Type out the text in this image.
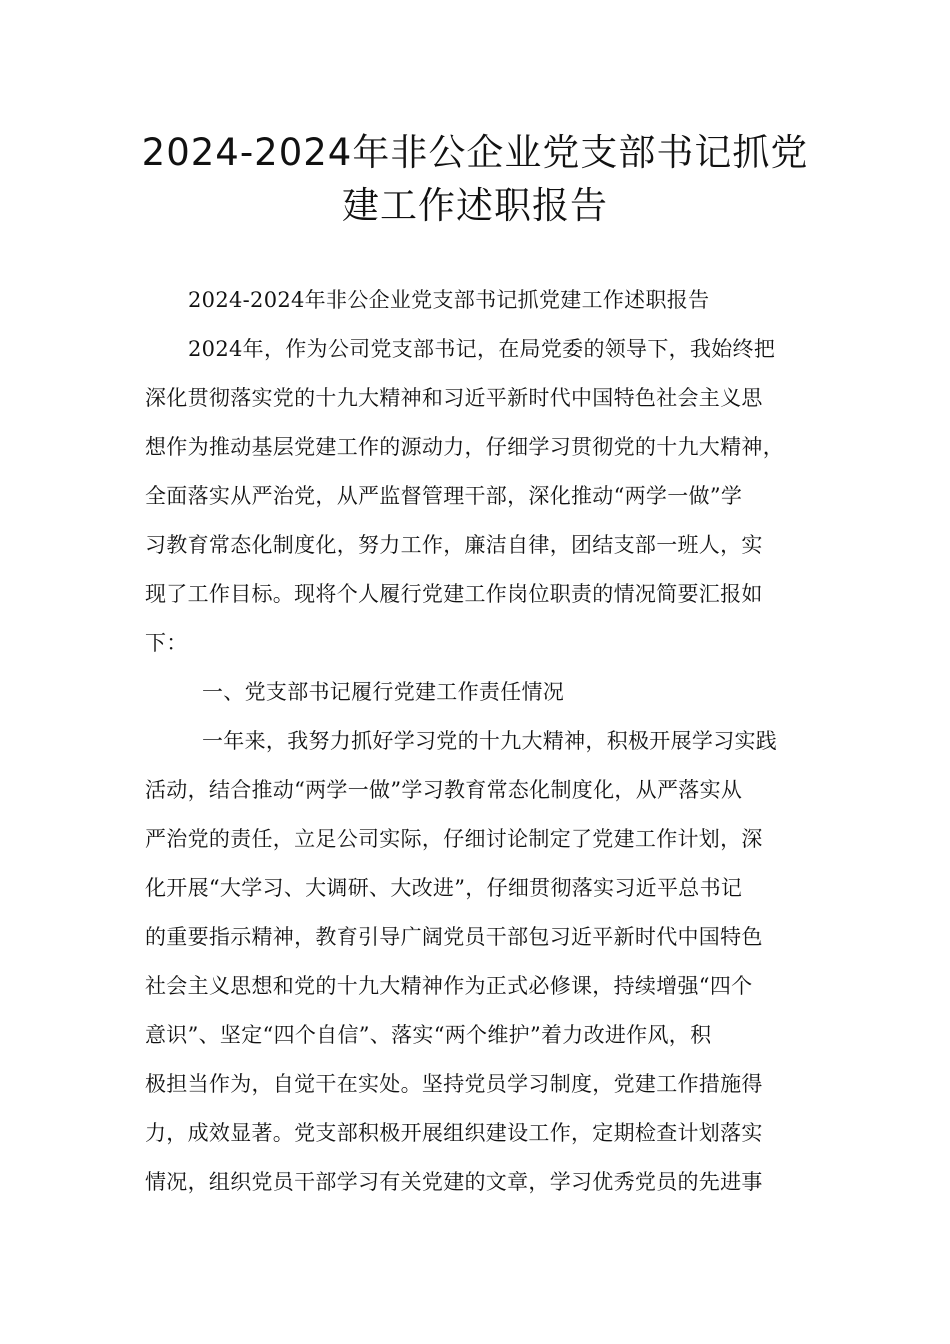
2024-2024年非公企业党支部书记抓党
建工作述职报告
2024-2024年非公企业党支部书记抓党建工作述职报告
2024年，作为公司党支部书记，在局党委的领导下，我始终把
深化贯彻落实党的十九大精神和习近平新时代中国特色社会主义思
想作为推动基层党建工作的源动力，仔细学习贯彻党的十九大精神，
全面落实从严治党，从严监督管理干部，深化推动“两学一做”学
习教育常态化制度化，努力工作，廉洁自律，团结支部一班人，实
现了工作目标。现将个人履行党建工作岗位职责的情况简要汇报如
下：
一、党支部书记履行党建工作责任情况
一年来，我努力抓好学习党的十九大精神，积极开展学习实践
活动，结合推动“两学一做”学习教育常态化制度化，从严落实从
严治党的责任，立足公司实际，仔细讨论制定了党建工作计划，深
化开展“大学习、大调研、大改进”，仔细贯彻落实习近平总书记
的重要指示精神，教育引导广阔党员干部包习近平新时代中国特色
社会主义思想和党的十九大精神作为正式必修课，持续增强“四个
意识”、坚定“四个自信”、落实“两个维护”着力改进作风，积
极担当作为，自觉干在实处。坚持党员学习制度，党建工作措施得
力，成效显著。党支部积极开展组织建设工作，定期检查计划落实
情况，组织党员干部学习有关党建的文章，学习优秀党员的先进事
